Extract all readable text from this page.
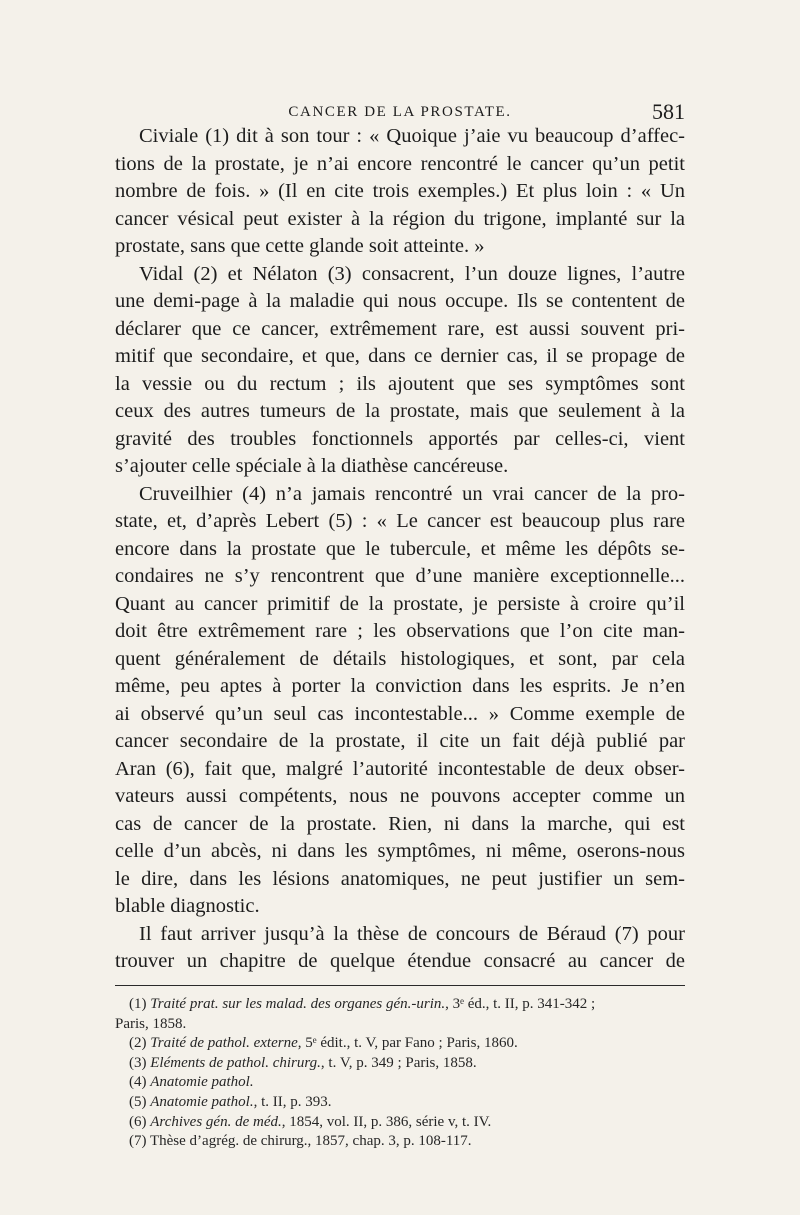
CANCER DE LA PROSTATE.	581
Civiale (1) dit à son tour : « Quoique j’aie vu beaucoup d’affec-
tions de la prostate, je n’ai encore rencontré le cancer qu’un petit
nombre de fois. » (Il en cite trois exemples.) Et plus loin : « Un
cancer vésical peut exister à la région du trigone, implanté sur la
prostate, sans que cette glande soit atteinte. »
Vidal (2) et Nélaton (3) consacrent, l’un douze lignes, l’autre
une demi-page à la maladie qui nous occupe. Ils se contentent de
déclarer que ce cancer, extrêmement rare, est aussi souvent pri-
mitif que secondaire, et que, dans ce dernier cas, il se propage de
la vessie ou du rectum ; ils ajoutent que ses symptômes sont
ceux des autres tumeurs de la prostate, mais que seulement à la
gravité des troubles fonctionnels apportés par celles-ci, vient
s’ajouter celle spéciale à la diathèse cancéreuse.
Cruveilhier (4) n’a jamais rencontré un vrai cancer de la pro-
state, et, d’après Lebert (5) : « Le cancer est beaucoup plus rare
encore dans la prostate que le tubercule, et même les dépôts se-
condaires ne s’y rencontrent que d’une manière exceptionnelle...
Quant au cancer primitif de la prostate, je persiste à croire qu’il
doit être extrêmement rare ; les observations que l’on cite man-
quent généralement de détails histologiques, et sont, par cela
même, peu aptes à porter la conviction dans les esprits. Je n’en
ai observé qu’un seul cas incontestable... » Comme exemple de
cancer secondaire de la prostate, il cite un fait déjà publié par
Aran (6), fait que, malgré l’autorité incontestable de deux obser-
vateurs aussi compétents, nous ne pouvons accepter comme un
cas de cancer de la prostate. Rien, ni dans la marche, qui est
celle d’un abcès, ni dans les symptômes, ni même, oserons-nous
le dire, dans les lésions anatomiques, ne peut justifier un sem-
blable diagnostic.
Il faut arriver jusqu’à la thèse de concours de Béraud (7) pour
trouver un chapitre de quelque étendue consacré au cancer de
(1) Traité prat. sur les malad. des organes gén.-urin., 3ᵉ éd., t. II, p. 341-342 ;
Paris, 1858.
(2) Traité de pathol. externe, 5ᵉ édit., t. V, par Fano ; Paris, 1860.
(3) Eléments de pathol. chirurg., t. V, p. 349 ; Paris, 1858.
(4) Anatomie pathol.
(5) Anatomie pathol., t. II, p. 393.
(6) Archives gén. de méd., 1854, vol. II, p. 386, série v, t. IV.
(7) Thèse d’agrég. de chirurg., 1857, chap. 3, p. 108-117.
